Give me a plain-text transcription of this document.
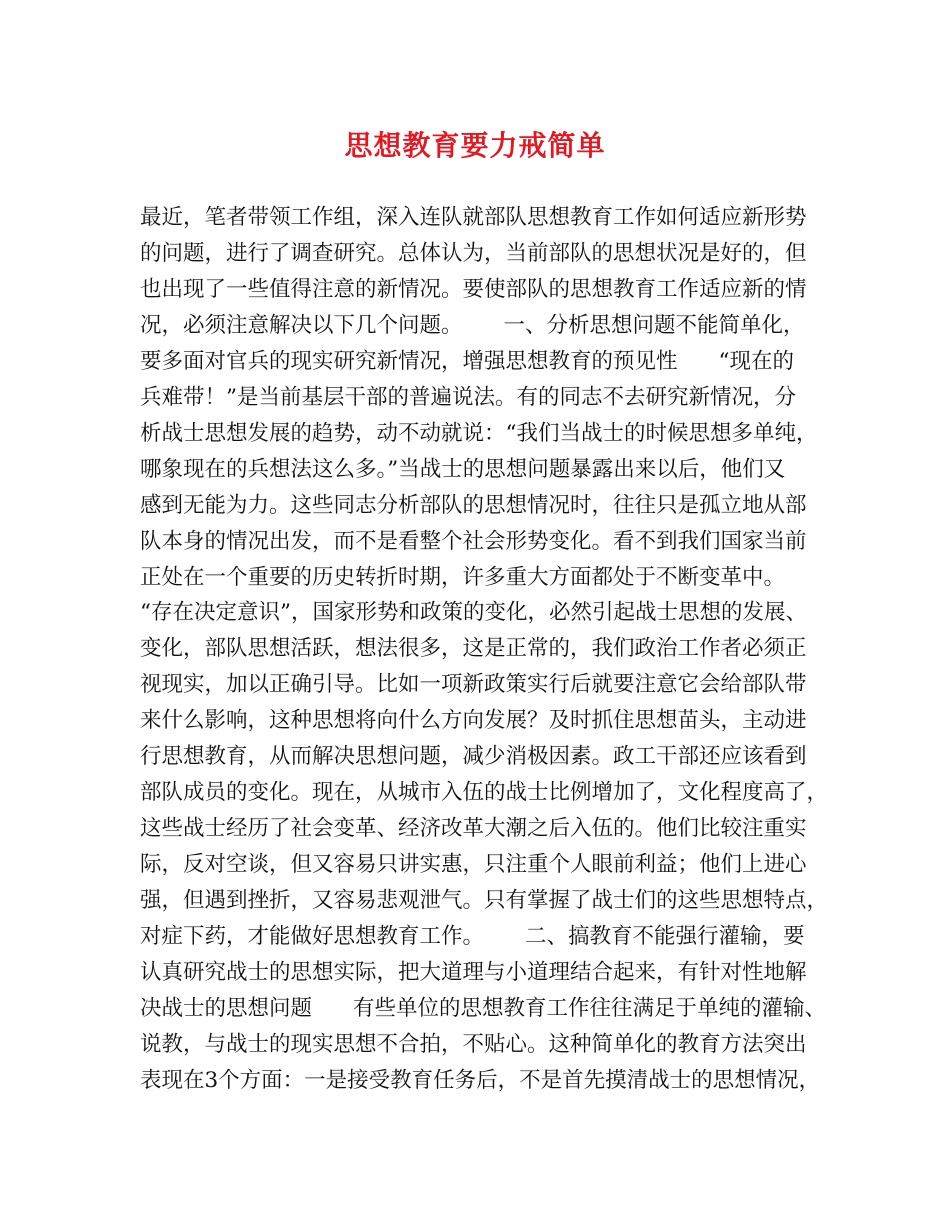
思想教育要力戒简单
最近，笔者带领工作组，深入连队就部队思想教育工作如何适应新形势
的问题，进行了调查研究。总体认为，当前部队的思想状况是好的，但
也出现了一些值得注意的新情况。要使部队的思想教育工作适应新的情
况，必须注意解决以下几个问题。      一、分析思想问题不能简单化，
要多面对官兵的现实研究新情况，增强思想教育的预见性      “现在的
兵难带！”是当前基层干部的普遍说法。有的同志不去研究新情况，分
析战士思想发展的趋势，动不动就说：“我们当战士的时候思想多单纯，
哪象现在的兵想法这么多。”当战士的思想问题暴露出来以后，他们又
感到无能为力。这些同志分析部队的思想情况时，往往只是孤立地从部
队本身的情况出发，而不是看整个社会形势变化。看不到我们国家当前
正处在一个重要的历史转折时期，许多重大方面都处于不断变革中。
“存在决定意识”，国家形势和政策的变化，必然引起战士思想的发展、
变化，部队思想活跃，想法很多，这是正常的，我们政治工作者必须正
视现实，加以正确引导。比如一项新政策实行后就要注意它会给部队带
来什么影响，这种思想将向什么方向发展？及时抓住思想苗头，主动进
行思想教育，从而解决思想问题，减少消极因素。政工干部还应该看到
部队成员的变化。现在，从城市入伍的战士比例增加了，文化程度高了，
这些战士经历了社会变革、经济改革大潮之后入伍的。他们比较注重实
际，反对空谈，但又容易只讲实惠，只注重个人眼前利益；他们上进心
强，但遇到挫折，又容易悲观泄气。只有掌握了战士们的这些思想特点，
对症下药，才能做好思想教育工作。      二、搞教育不能强行灌输，要
认真研究战士的思想实际，把大道理与小道理结合起来，有针对性地解
决战士的思想问题      有些单位的思想教育工作往往满足于单纯的灌输、
说教，与战士的现实思想不合拍，不贴心。这种简单化的教育方法突出
表现在3个方面：一是接受教育任务后，不是首先摸清战士的思想情况，
